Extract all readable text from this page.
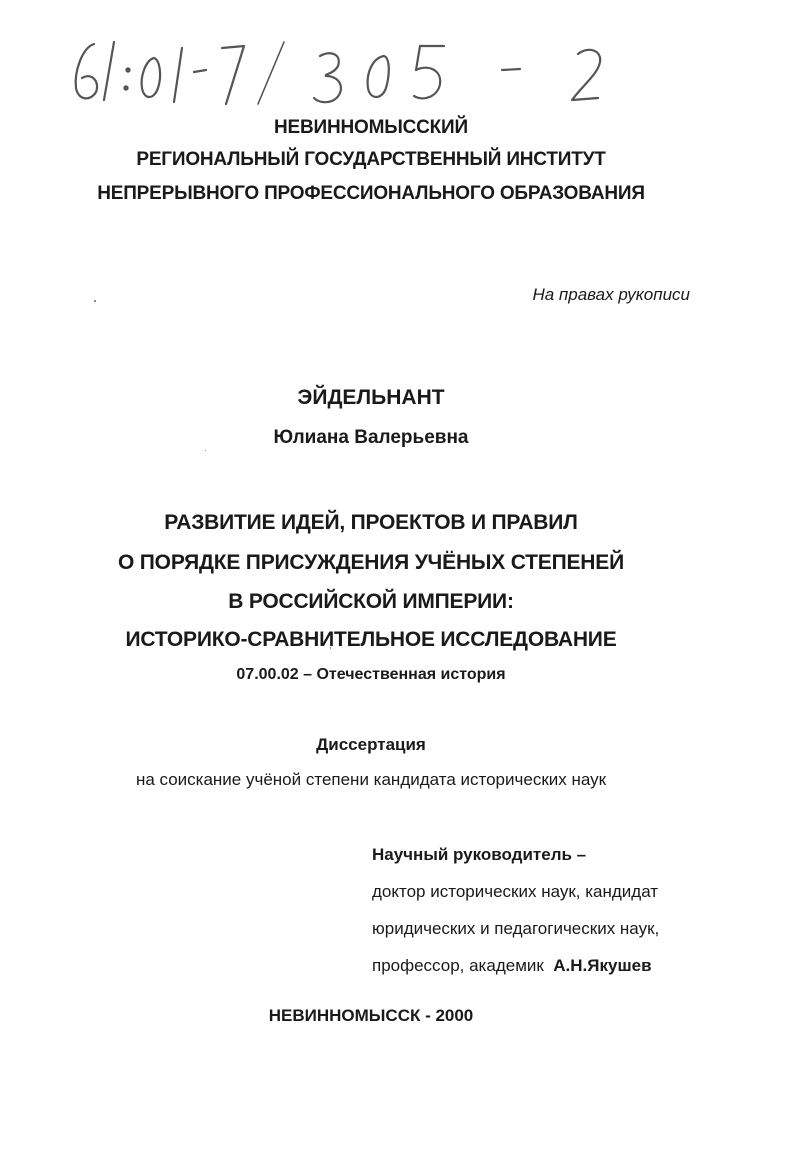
НЕВИННОМЫССКИЙ
РЕГИОНАЛЬНЫЙ ГОСУДАРСТВЕННЫЙ ИНСТИТУТ
НЕПРЕРЫВНОГО ПРОФЕССИОНАЛЬНОГО ОБРАЗОВАНИЯ
На правах рукописи
ЭЙДЕЛЬНАНТ
Юлиана Валерьевна
РАЗВИТИЕ ИДЕЙ, ПРОЕКТОВ И ПРАВИЛ
О ПОРЯДКЕ ПРИСУЖДЕНИЯ УЧЁНЫХ СТЕПЕНЕЙ
В РОССИЙСКОЙ ИМПЕРИИ:
ИСТОРИКО-СРАВНИТЕЛЬНОЕ ИССЛЕДОВАНИЕ
07.00.02 – Отечественная история
Диссертация
на соискание учёной степени кандидата исторических наук
Научный руководитель –
доктор исторических наук, кандидат
юридических и педагогических наук,
профессор, академик А.Н.Якушев
НЕВИННОМЫССК - 2000
